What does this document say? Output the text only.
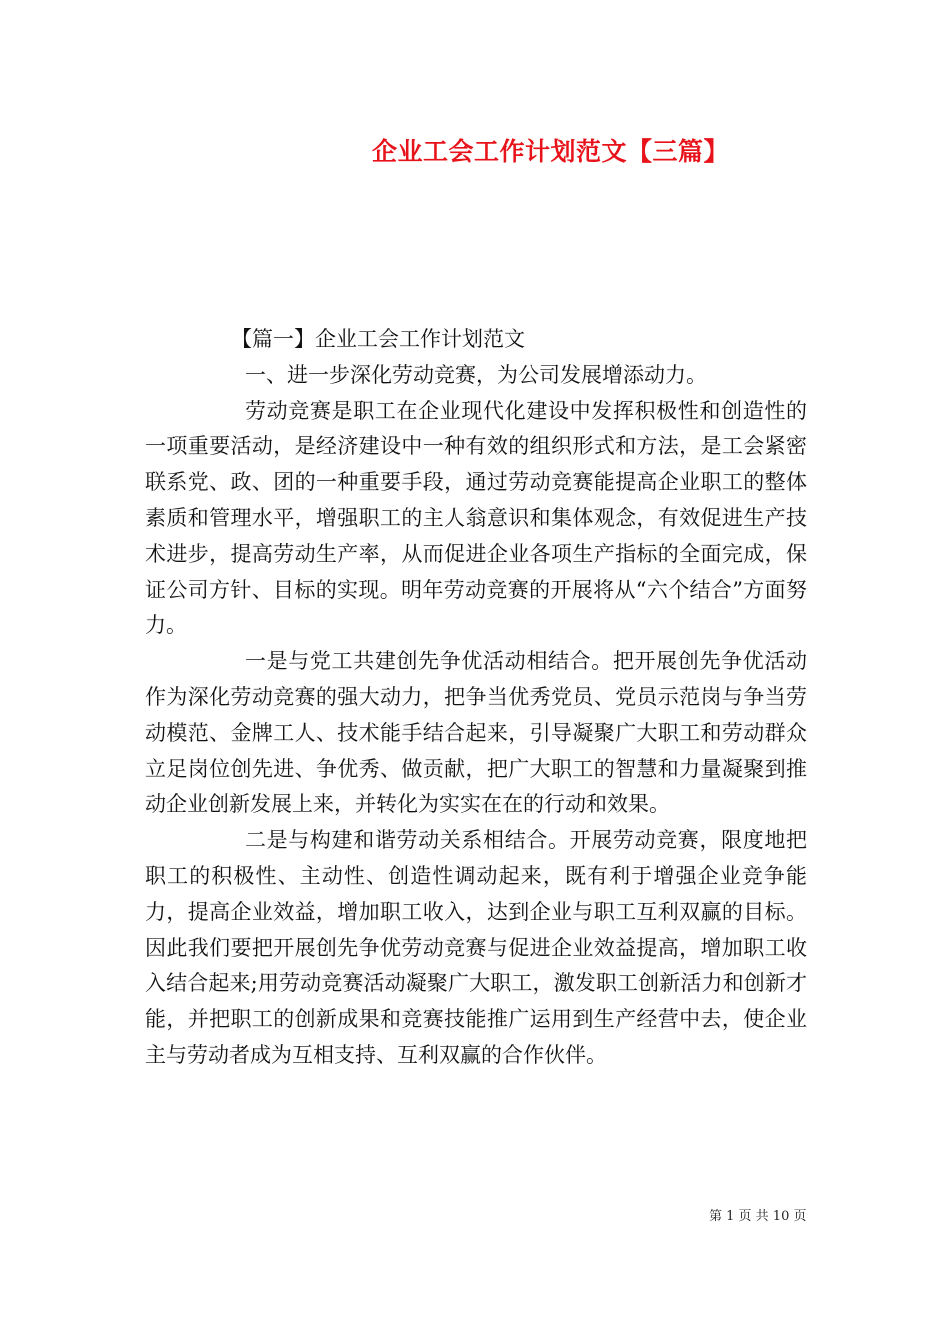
企业工会工作计划范文【三篇】

【篇一】企业工会工作计划范文

一、进一步深化劳动竞赛，为公司发展增添动力。

劳动竞赛是职工在企业现代化建设中发挥积极性和创造性的一项重要活动，是经济建设中一种有效的组织形式和方法，是工会紧密联系党、政、团的一种重要手段，通过劳动竞赛能提高企业职工的整体素质和管理水平，增强职工的主人翁意识和集体观念，有效促进生产技术进步，提高劳动生产率，从而促进企业各项生产指标的全面完成，保证公司方针、目标的实现。明年劳动竞赛的开展将从“六个结合”方面努力。

一是与党工共建创先争优活动相结合。把开展创先争优活动作为深化劳动竞赛的强大动力，把争当优秀党员、党员示范岗与争当劳动模范、金牌工人、技术能手结合起来，引导凝聚广大职工和劳动群众立足岗位创先进、争优秀、做贡献，把广大职工的智慧和力量凝聚到推动企业创新发展上来，并转化为实实在在的行动和效果。

二是与构建和谐劳动关系相结合。开展劳动竞赛，限度地把职工的积极性、主动性、创造性调动起来，既有利于增强企业竞争能力，提高企业效益，增加职工收入，达到企业与职工互利双赢的目标。因此我们要把开展创先争优劳动竞赛与促进企业效益提高，增加职工收入结合起来;用劳动竞赛活动凝聚广大职工，激发职工创新活力和创新才能，并把职工的创新成果和竞赛技能推广运用到生产经营中去，使企业主与劳动者成为互相支持、互利双赢的合作伙伴。

第 1 页 共 10 页
